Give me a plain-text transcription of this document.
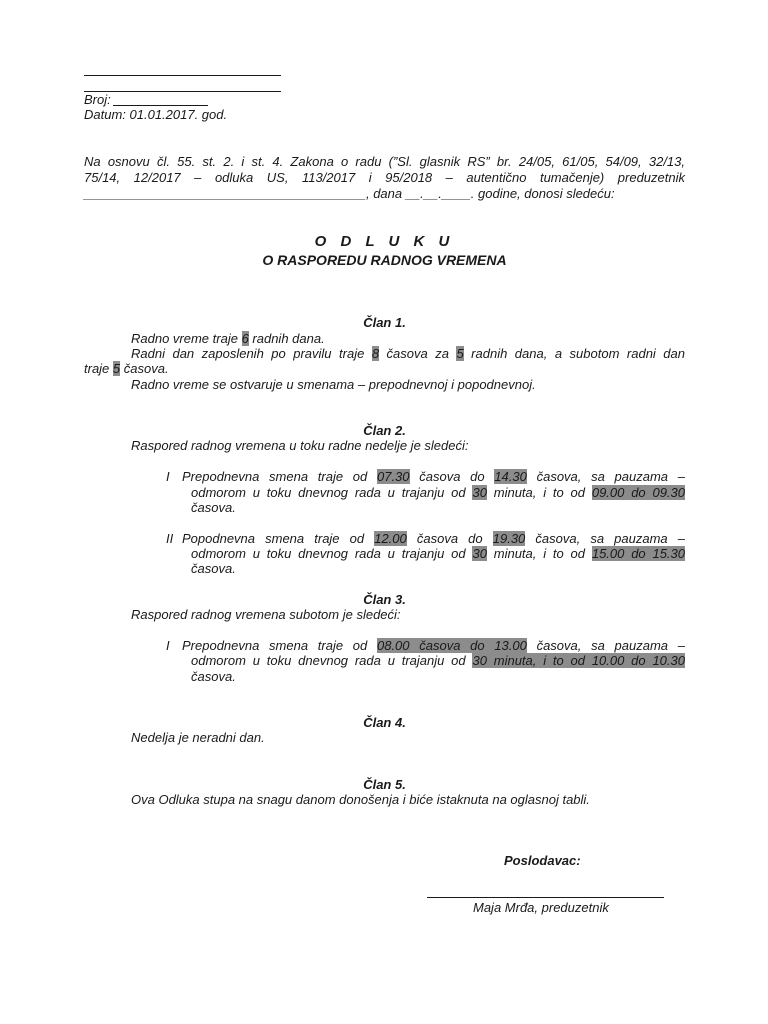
Broj:
Datum: 01.01.2017. god.
Na osnovu čl. 55. st. 2. i st. 4. Zakona o radu (”Sl. glasnik RS” br. 24/05, 61/05, 54/09, 32/13,
75/14, 12/2017 – odluka US, 113/2017 i 95/2018 – autentično tumačenje) preduzetnik
_______________________________________, dana __.__.____. godine, donosi sledeću:
O D L U K U
O RASPOREDU RADNOG VREMENA
Član 1.
Radno vreme traje 6 radnih dana.
Radni dan zaposlenih po pravilu traje 8 časova za 5 radnih dana, a subotom radni dan
traje 5 časova.
Radno vreme se ostvaruje u smenama – prepodnevnoj i popodnevnoj.
Član 2.
Raspored radnog vremena u toku radne nedelje je sledeći:
I Prepodnevna smena traje od 07.30 časova do 14.30 časova, sa pauzama –
odmorom u toku dnevnog rada u trajanju od 30 minuta, i to od 09.00 do 09.30
časova.
II Popodnevna smena traje od 12.00 časova do 19.30 časova, sa pauzama –
odmorom u toku dnevnog rada u trajanju od 30 minuta, i to od 15.00 do 15.30
časova.
Član 3.
Raspored radnog vremena subotom je sledeći:
I Prepodnevna smena traje od 08.00 časova do 13.00 časova, sa pauzama –
odmorom u toku dnevnog rada u trajanju od 30 minuta, i to od 10.00 do 10.30
časova.
Član 4.
Nedelja je neradni dan.
Član 5.
Ova Odluka stupa na snagu danom donošenja i biće istaknuta na oglasnoj tabli.
Poslodavac:
Maja Mrđa, preduzetnik
